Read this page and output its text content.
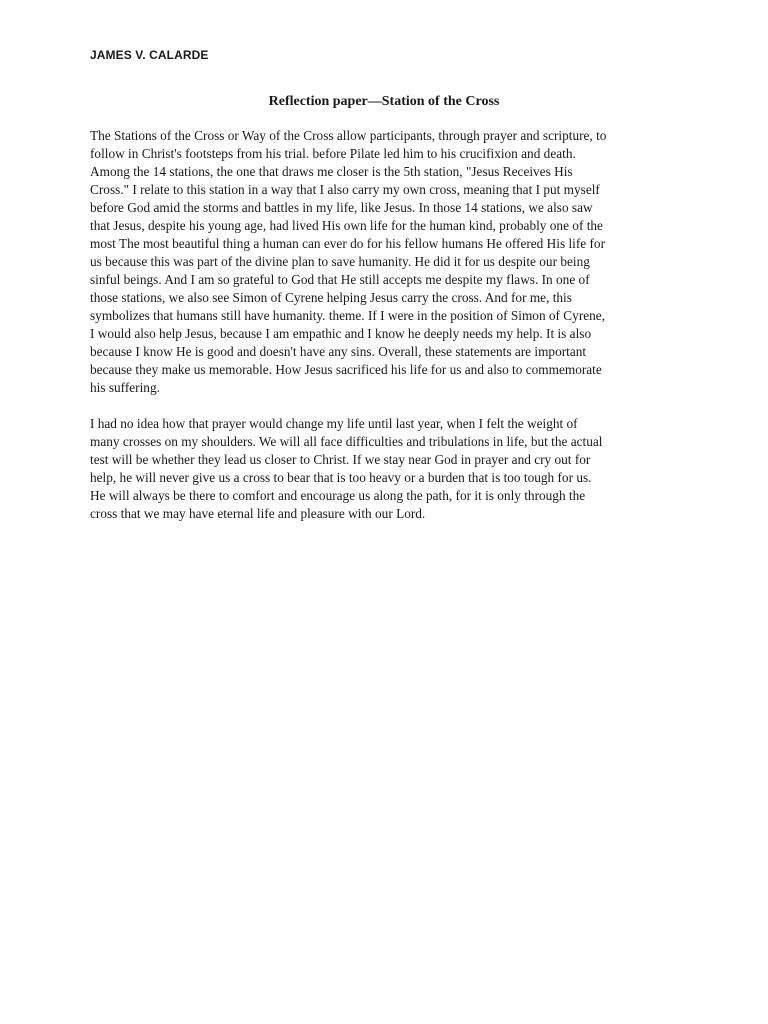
JAMES V. CALARDE

Reflection paper—Station of the Cross

The Stations of the Cross or Way of the Cross allow participants, through prayer and scripture, to
follow in Christ's footsteps from his trial. before Pilate led him to his crucifixion and death.
Among the 14 stations, the one that draws me closer is the 5th station, "Jesus Receives His
Cross." I relate to this station in a way that I also carry my own cross, meaning that I put myself
before God amid the storms and battles in my life, like Jesus. In those 14 stations, we also saw
that Jesus, despite his young age, had lived His own life for the human kind, probably one of the
most The most beautiful thing a human can ever do for his fellow humans He offered His life for
us because this was part of the divine plan to save humanity. He did it for us despite our being
sinful beings. And I am so grateful to God that He still accepts me despite my flaws. In one of
those stations, we also see Simon of Cyrene helping Jesus carry the cross. And for me, this
symbolizes that humans still have humanity. theme. If I were in the position of Simon of Cyrene,
I would also help Jesus, because I am empathic and I know he deeply needs my help. It is also
because I know He is good and doesn't have any sins. Overall, these statements are important
because they make us memorable. How Jesus sacrificed his life for us and also to commemorate
his suffering.

I had no idea how that prayer would change my life until last year, when I felt the weight of
many crosses on my shoulders. We will all face difficulties and tribulations in life, but the actual
test will be whether they lead us closer to Christ. If we stay near God in prayer and cry out for
help, he will never give us a cross to bear that is too heavy or a burden that is too tough for us.
He will always be there to comfort and encourage us along the path, for it is only through the
cross that we may have eternal life and pleasure with our Lord.
